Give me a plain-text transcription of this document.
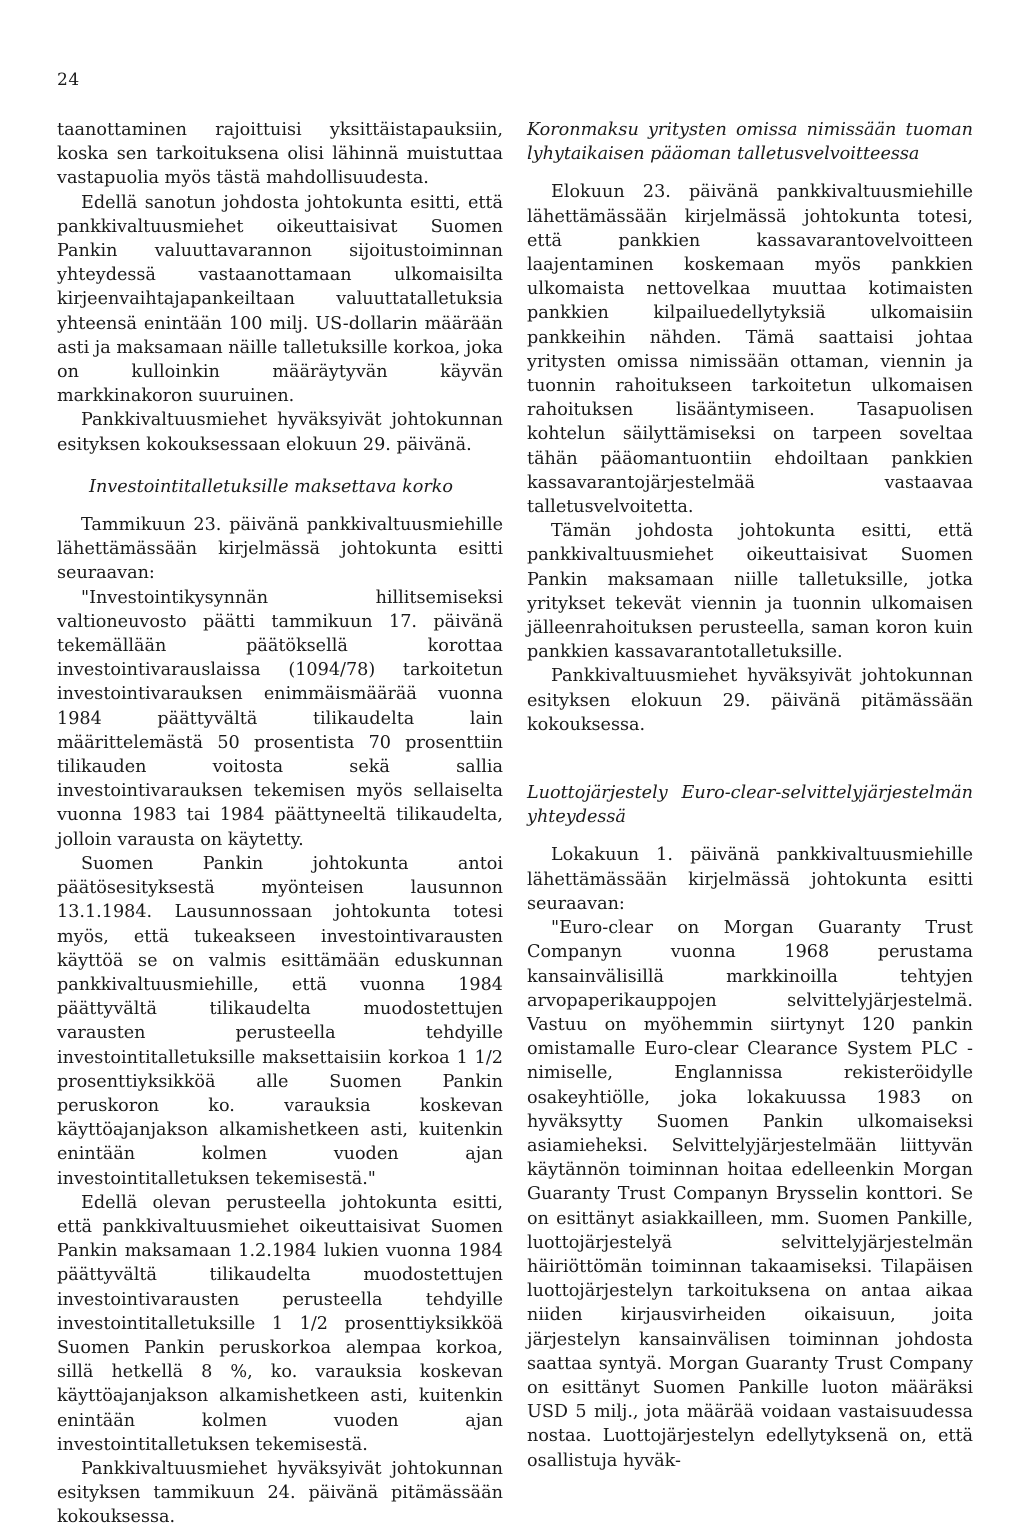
24

taanottaminen rajoittuisi yksittäistapauksiin, koska sen tarkoituksena olisi lähinnä muistuttaa vastapuolia myös tästä mahdollisuudesta.

Edellä sanotun johdosta johtokunta esitti, että pankkivaltuusmiehet oikeuttaisivat Suomen Pankin valuuttavarannon sijoitustoiminnan yhteydessä vastaanottamaan ulkomaisilta kirjeenvaihtajapankeiltaan valuuttatalletuksia yhteensä enintään 100 milj. US-dollarin määrään asti ja maksamaan näille talletuksille korkoa, joka on kulloinkin määräytyvän käyvän markkinakoron suuruinen.

Pankkivaltuusmiehet hyväksyivät johtokunnan esityksen kokouksessaan elokuun 29. päivänä.

Investointitalletuksille maksettava korko

Tammikuun 23. päivänä pankkivaltuusmiehille lähettämässään kirjelmässä johtokunta esitti seuraavan:

"Investointikysynnän hillitsemiseksi valtioneuvosto päätti tammikuun 17. päivänä tekemällään päätöksellä korottaa investointivarauslaissa (1094/78) tarkoitetun investointivarauksen enimmäismäärää vuonna 1984 päättyvältä tilikaudelta lain määrittelemästä 50 prosentista 70 prosenttiin tilikauden voitosta sekä sallia investointivarauksen tekemisen myös sellaiselta vuonna 1983 tai 1984 päättyneeltä tilikaudelta, jolloin varausta on käytetty.

Suomen Pankin johtokunta antoi päätösesityksestä myönteisen lausunnon 13.1.1984. Lausunnossaan johtokunta totesi myös, että tukeakseen investointivarausten käyttöä se on valmis esittämään eduskunnan pankkivaltuusmiehille, että vuonna 1984 päättyvältä tilikaudelta muodostettujen varausten perusteella tehdyille investointitalletuksille maksettaisiin korkoa 1 1/2 prosenttiyksikköä alle Suomen Pankin peruskoron ko. varauksia koskevan käyttöajanjakson alkamishetkeen asti, kuitenkin enintään kolmen vuoden ajan investointitalletuksen tekemisestä."

Edellä olevan perusteella johtokunta esitti, että pankkivaltuusmiehet oikeuttaisivat Suomen Pankin maksamaan 1.2.1984 lukien vuonna 1984 päättyvältä tilikaudelta muodostettujen investointivarausten perusteella tehdyille investointitalletuksille 1 1/2 prosenttiyksikköä Suomen Pankin peruskorkoa alempaa korkoa, sillä hetkellä 8 %, ko. varauksia koskevan käyttöajanjakson alkamishetkeen asti, kuitenkin enintään kolmen vuoden ajan investointitalletuksen tekemisestä.

Pankkivaltuusmiehet hyväksyivät johtokunnan esityksen tammikuun 24. päivänä pitämässään kokouksessa.

Koronmaksu yritysten omissa nimissään tuoman lyhytaikaisen pääoman talletusvelvoitteessa

Elokuun 23. päivänä pankkivaltuusmiehille lähettämässään kirjelmässä johtokunta totesi, että pankkien kassavarantovelvoitteen laajentaminen koskemaan myös pankkien ulkomaista nettovelkaa muuttaa kotimaisten pankkien kilpailuedellytyksiä ulkomaisiin pankkeihin nähden. Tämä saattaisi johtaa yritysten omissa nimissään ottaman, viennin ja tuonnin rahoitukseen tarkoitetun ulkomaisen rahoituksen lisääntymiseen. Tasapuolisen kohtelun säilyttämiseksi on tarpeen soveltaa tähän pääomantuontiin ehdoiltaan pankkien kassavarantojärjestelmää vastaavaa talletusvelvoitetta.

Tämän johdosta johtokunta esitti, että pankkivaltuusmiehet oikeuttaisivat Suomen Pankin maksamaan niille talletuksille, jotka yritykset tekevät viennin ja tuonnin ulkomaisen jälleenrahoituksen perusteella, saman koron kuin pankkien kassavarantotalletuksille.

Pankkivaltuusmiehet hyväksyivät johtokunnan esityksen elokuun 29. päivänä pitämässään kokouksessa.

Luottojärjestely Euro-clear-selvittelyjärjestelmän yhteydessä

Lokakuun 1. päivänä pankkivaltuusmiehille lähettämässään kirjelmässä johtokunta esitti seuraavan:

"Euro-clear on Morgan Guaranty Trust Companyn vuonna 1968 perustama kansainvälisillä markkinoilla tehtyjen arvopaperikauppojen selvittelyjärjestelmä. Vastuu on myöhemmin siirtynyt 120 pankin omistamalle Euro-clear Clearance System PLC -nimiselle, Englannissa rekisteröidylle osakeyhtiölle, joka lokakuussa 1983 on hyväksytty Suomen Pankin ulkomaiseksi asiamieheksi. Selvittelyjärjestelmään liittyvän käytännön toiminnan hoitaa edelleenkin Morgan Guaranty Trust Companyn Brysselin konttori. Se on esittänyt asiakkailleen, mm. Suomen Pankille, luottojärjestelyä selvittelyjärjestelmän häiriöttömän toiminnan takaamiseksi. Tilapäisen luottojärjestelyn tarkoituksena on antaa aikaa niiden kirjausvirheiden oikaisuun, joita järjestelyn kansainvälisen toiminnan johdosta saattaa syntyä. Morgan Guaranty Trust Company on esittänyt Suomen Pankille luoton määräksi USD 5 milj., jota määrää voidaan vastaisuudessa nostaa. Luottojärjestelyn edellytyksenä on, että osallistuja hyväk-
